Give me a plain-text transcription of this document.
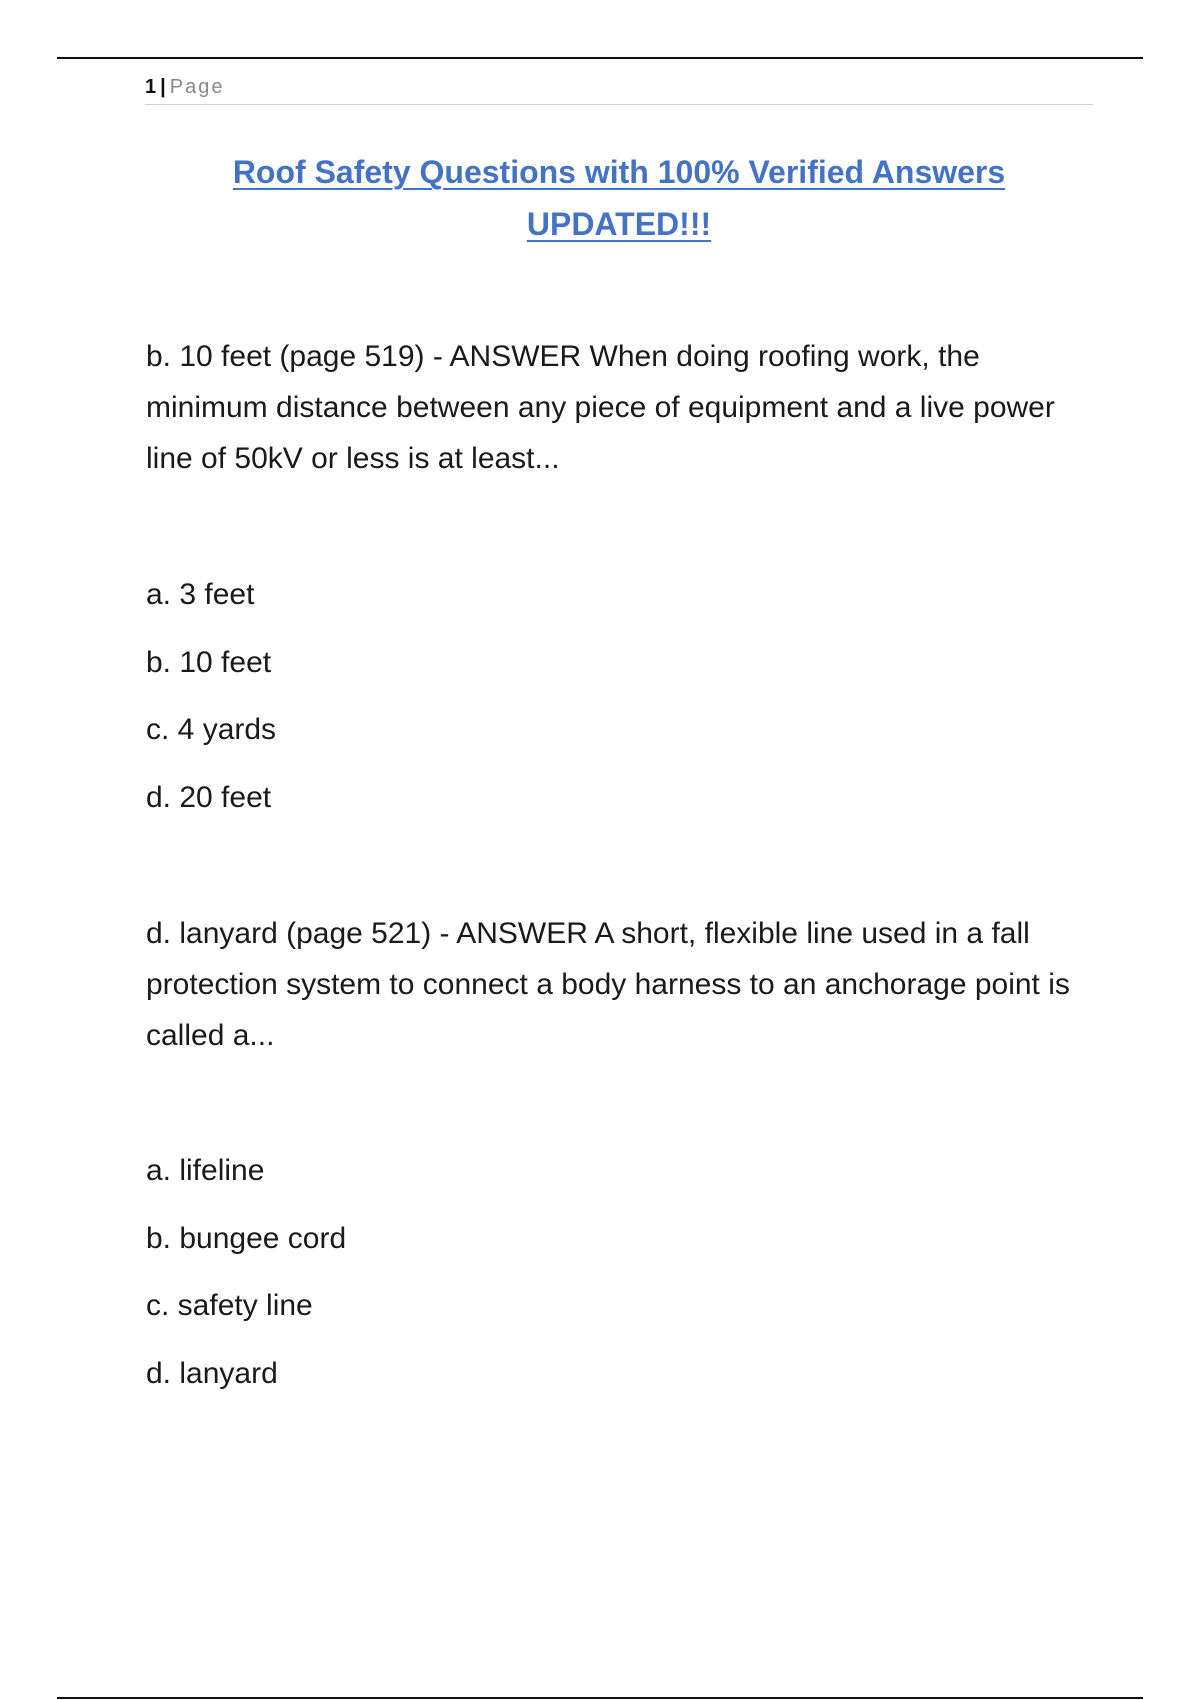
1 | Page
Roof Safety Questions with 100% Verified Answers
UPDATED!!!
b. 10 feet (page 519) - ANSWER When doing roofing work, the minimum distance between any piece of equipment and a live power line of 50kV or less is at least...
a. 3 feet
b. 10 feet
c. 4 yards
d. 20 feet
d. lanyard (page 521) - ANSWER A short, flexible line used in a fall protection system to connect a body harness to an anchorage point is called a...
a. lifeline
b. bungee cord
c. safety line
d. lanyard
